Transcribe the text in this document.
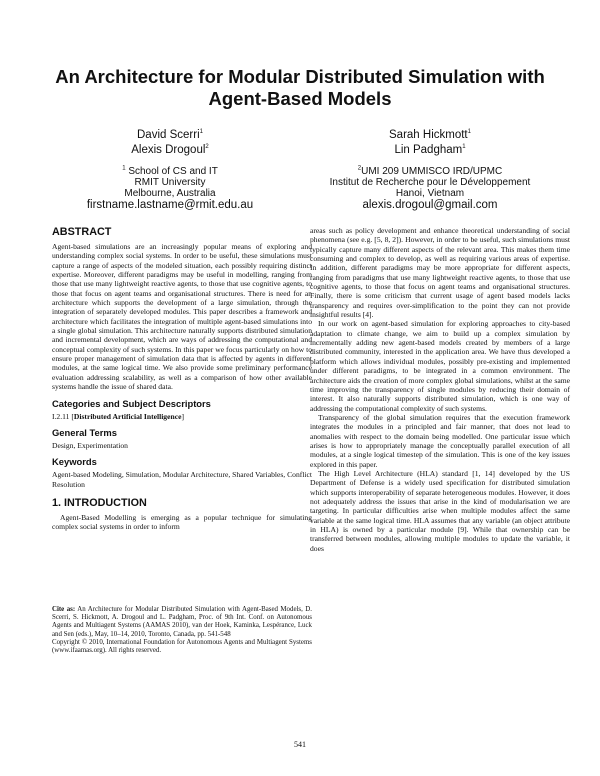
An Architecture for Modular Distributed Simulation with Agent-Based Models
David Scerri$^1$
Alexis Drogoul$^2$
$^1$ School of CS and IT
RMIT University
Melbourne, Australia
firstname.lastname@rmit.edu.au
Sarah Hickmott$^1$
Lin Padgham$^1$
$^2$UMI 209 UMMISCO IRD/UPMC
Institut de Recherche pour le Développement
Hanoi, Vietnam
alexis.drogoul@gmail.com
ABSTRACT

Agent-based simulations are an increasingly popular means of exploring and understanding complex social systems. In order to be useful, these simulations must capture a range of aspects of the modeled situation, each possibly requiring distinct expertise. Moreover, different paradigms may be useful in modelling, ranging from those that use many lightweight reactive agents, to those that use cognitive agents, to those that focus on agent teams and organisational structures. There is need for an architecture which supports the development of a large simulation, through the integration of separately developed modules. This paper describes a framework and architecture which facilitates the integration of multiple agent-based simulations into a single global simulation. This architecture naturally supports distributed simulation and incremental development, which are ways of addressing the computational and conceptual complexity of such systems. In this paper we focus particularly on how to ensure proper management of simulation data that is affected by agents in different modules, at the same logical time. We also provide some preliminary performance evaluation addressing scalability, as well as a comparison of how other available systems handle the issue of shared data.

Categories and Subject Descriptors

I.2.11 [Distributed Artificial Intelligence]

General Terms

Design, Experimentation

Keywords

Agent-based Modeling, Simulation, Modular Architecture, Shared Variables, Conflict Resolution

1. INTRODUCTION

Agent-Based Modelling is emerging as a popular technique for simulating complex social systems in order to inform

Cite as: An Architecture for Modular Distributed Simulation with Agent-Based Models, D. Scerri, S. Hickmott, A. Drogoul and L. Padgham, Proc. of 9th Int. Conf. on Autonomous Agents and Multiagent Systems (AAMAS 2010), van der Hoek, Kaminka, Lespérance, Luck and Sen (eds.), May, 10–14, 2010, Toronto, Canada, pp. 541-548

Copyright © 2010, International Foundation for Autonomous Agents and Multiagent Systems (www.ifaamas.org). All rights reserved.

areas such as policy development and enhance theoretical understanding of social phenomena (see e.g. [5, 8, 2]). However, in order to be useful, such simulations must typically capture many different aspects of the relevant area. This makes them time consuming and complex to develop, as well as requiring various areas of expertise. In addition, different paradigms may be more appropriate for different aspects, ranging from paradigms that use many lightweight reactive agents, to those that use cognitive agents, to those that focus on agent teams and organisational structures. Finally, there is some criticism that current usage of agent based models lacks transparency and requires over-simplification to the point they can not provide insightful results [4].

In our work on agent-based simulation for exploring approaches to city-based adaptation to climate change, we aim to build up a complex simulation by incrementally adding new agent-based models created by members of a large distributed community, interested in the application area. We have thus developed a platform which allows individual modules, possibly pre-existing and implemented under different paradigms, to be integrated in a common environment. The architecture aids the creation of more complex global simulations, whilst at the same time improving the transparency of single modules by reducing their domain of interest. It also naturally supports distributed simulation, which is one way of addressing the computational complexity of such systems.

Transparency of the global simulation requires that the execution framework integrates the modules in a principled and fair manner, that does not lead to anomalies with respect to the domain being modelled. One particular issue which arises is how to appropriately manage the conceptually parallel execution of all modules, at a single logical timestep of the simulation. This is one of the key issues explored in this paper.

The High Level Architecture (HLA) standard [1, 14] developed by the US Department of Defense is a widely used specification for distributed simulation which supports interoperability of separate heterogeneous modules. However, it does not adequately address the issues that arise in the kind of modularisation we are targeting. In particular difficulties arise when multiple modules affect the same variable at the same logical time. HLA assumes that any variable (an object attribute in HLA) is owned by a particular module [9]. While that ownership can be transferred between modules, allowing multiple modules to update the variable, it does

541
